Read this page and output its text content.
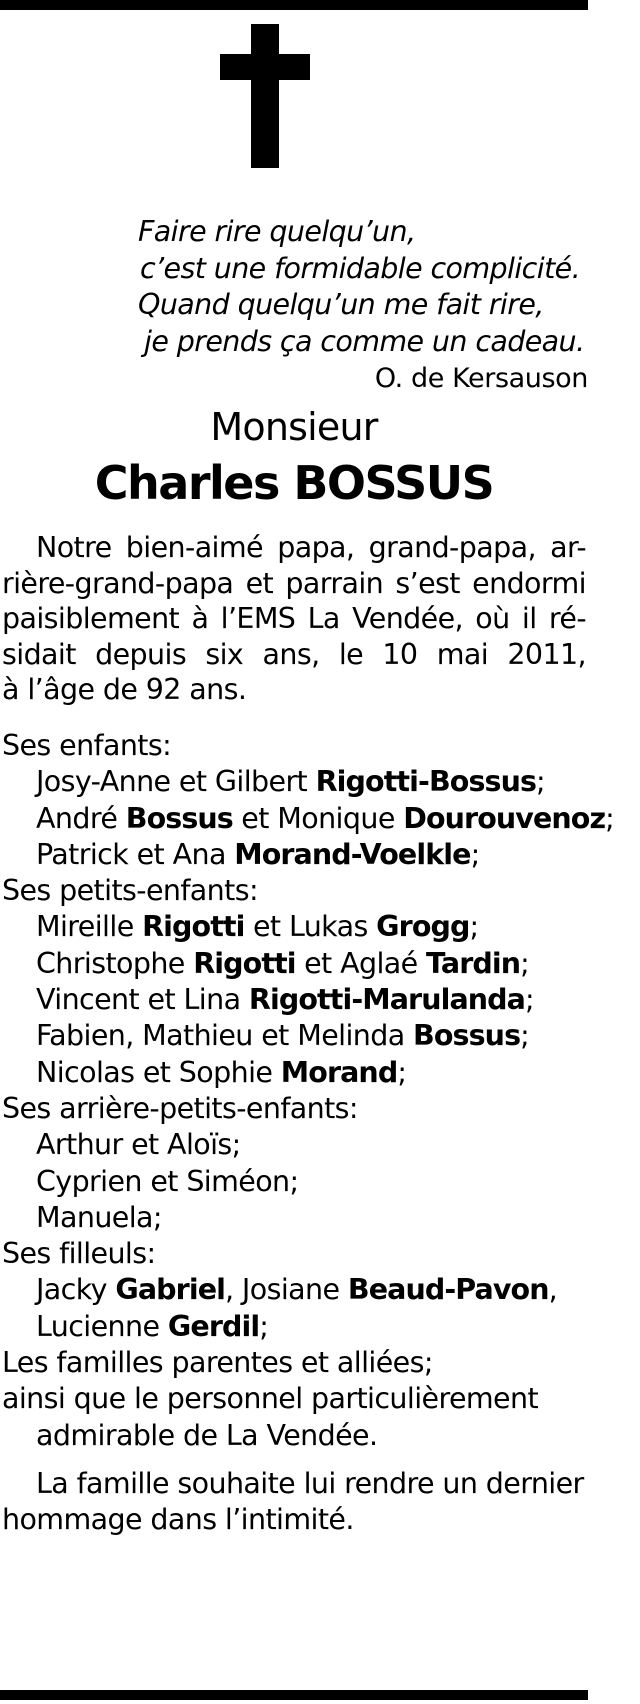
Faire rire quelqu’un,
c’est une formidable complicité.
Quand quelqu’un me fait rire,
je prends ça comme un cadeau.
O. de Kersauson
Monsieur
Charles BOSSUS
Notre bien-aimé papa, grand-papa, ar-
rière-grand-papa et parrain s’est endormi
paisiblement à l’EMS La Vendée, où il ré-
sidait depuis six ans, le 10 mai 2011,
à l’âge de 92 ans.
Ses enfants:
Josy-Anne et Gilbert Rigotti-Bossus;
André Bossus et Monique Dourouvenoz;
Patrick et Ana Morand-Voelkle;
Ses petits-enfants:
Mireille Rigotti et Lukas Grogg;
Christophe Rigotti et Aglaé Tardin;
Vincent et Lina Rigotti-Marulanda;
Fabien, Mathieu et Melinda Bossus;
Nicolas et Sophie Morand;
Ses arrière-petits-enfants:
Arthur et Aloïs;
Cyprien et Siméon;
Manuela;
Ses filleuls:
Jacky Gabriel, Josiane Beaud-Pavon,
Lucienne Gerdil;
Les familles parentes et alliées;
ainsi que le personnel particulièrement
admirable de La Vendée.
La famille souhaite lui rendre un dernier
hommage dans l’intimité.
